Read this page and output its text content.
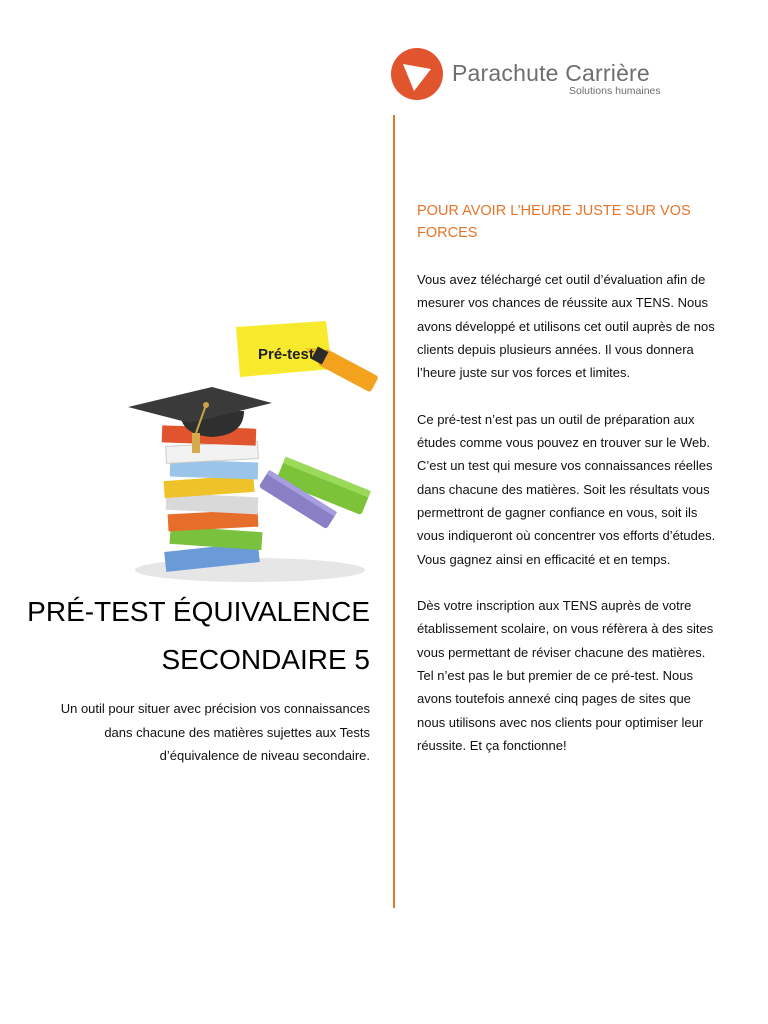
Parachute Carrière
Solutions humaines
Pré-test
PRÉ-TEST ÉQUIVALENCE
SECONDAIRE 5

Un outil pour situer avec précision vos connaissances dans chacune des matières sujettes aux Tests d’équivalence de niveau secondaire.

POUR AVOIR L’HEURE JUSTE SUR VOS FORCES

Vous avez téléchargé cet outil d’évaluation afin de mesurer vos chances de réussite aux TENS. Nous avons développé et utilisons cet outil auprès de nos clients depuis plusieurs années. Il vous donnera l’heure juste sur vos forces et limites.

Ce pré-test n’est pas un outil de préparation aux études comme vous pouvez en trouver sur le Web. C’est un test qui mesure vos connaissances réelles dans chacune des matières. Soit les résultats vous permettront de gagner confiance en vous, soit ils vous indiqueront où concentrer vos efforts d’études. Vous gagnez ainsi en efficacité et en temps.

Dès votre inscription aux TENS auprès de votre établissement scolaire, on vous réfèrera à des sites vous permettant de réviser chacune des matières. Tel n’est pas le but premier de ce pré-test. Nous avons toutefois annexé cinq pages de sites que nous utilisons avec nos clients pour optimiser leur réussite. Et ça fonctionne!
